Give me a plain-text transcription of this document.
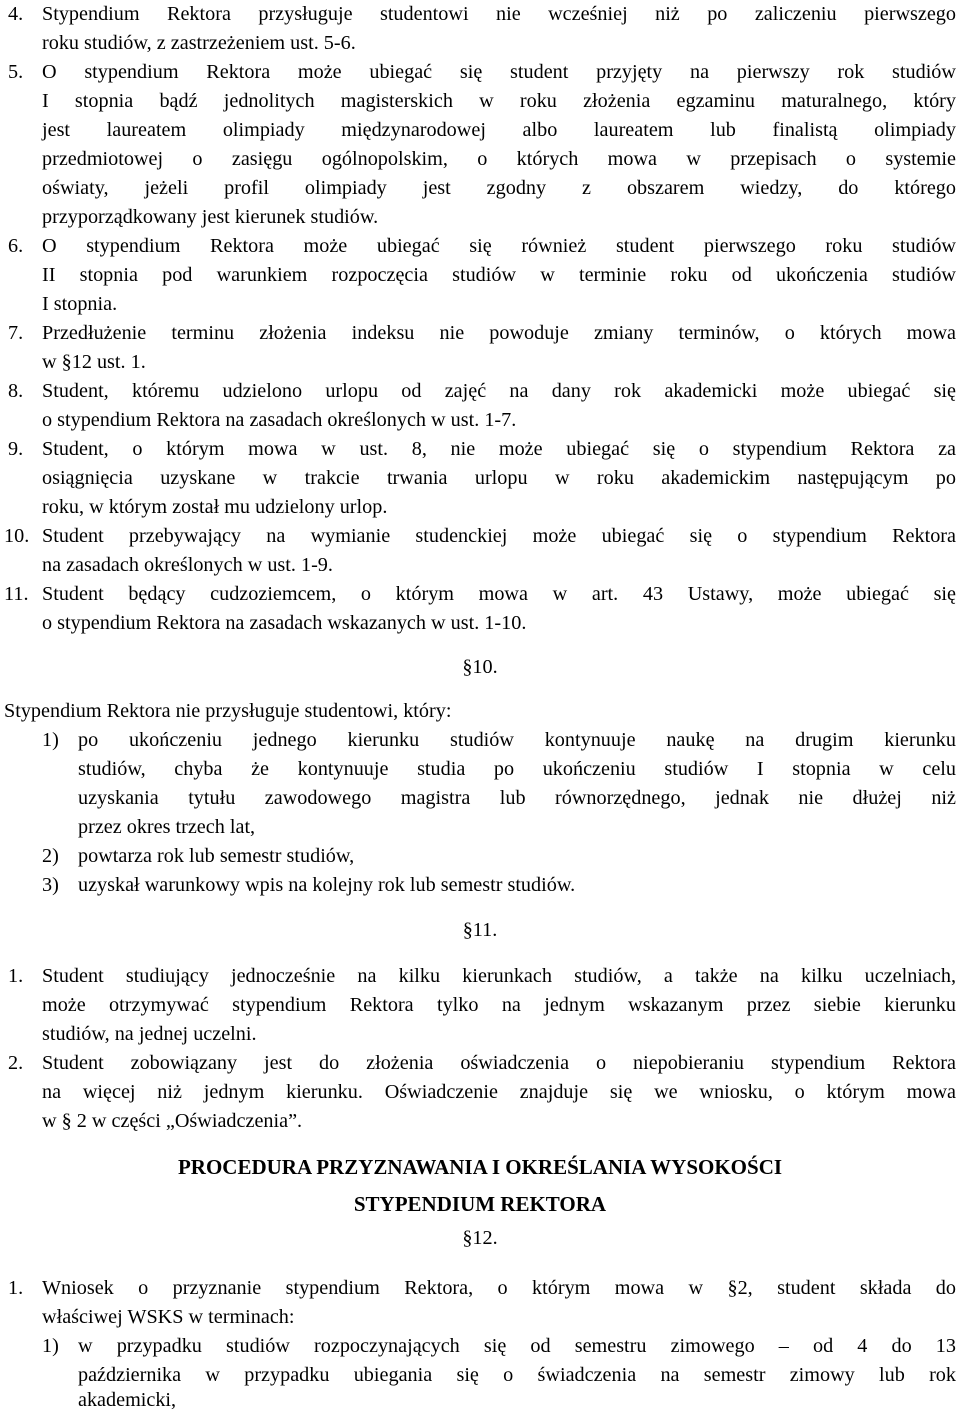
4. Stypendium Rektora przysługuje studentowi nie wcześniej niż po zaliczeniu pierwszego
roku studiów, z zastrzeżeniem ust. 5-6.
5. O stypendium Rektora może ubiegać się student przyjęty na pierwszy rok studiów
I stopnia bądź jednolitych magisterskich w roku złożenia egzaminu maturalnego, który
jest laureatem olimpiady międzynarodowej albo laureatem lub finalistą olimpiady
przedmiotowej o zasięgu ogólnopolskim, o których mowa w przepisach o systemie
oświaty, jeżeli profil olimpiady jest zgodny z obszarem wiedzy, do którego
przyporządkowany jest kierunek studiów.
6. O stypendium Rektora może ubiegać się również student pierwszego roku studiów
II stopnia pod warunkiem rozpoczęcia studiów w terminie roku od ukończenia studiów
I stopnia.
7. Przedłużenie terminu złożenia indeksu nie powoduje zmiany terminów, o których mowa
w §12 ust. 1.
8. Student, któremu udzielono urlopu od zajęć na dany rok akademicki może ubiegać się
o stypendium Rektora na zasadach określonych w ust. 1-7.
9. Student, o którym mowa w ust. 8, nie może ubiegać się o stypendium Rektora za
osiągnięcia uzyskane w trakcie trwania urlopu w roku akademickim następującym po
roku, w którym został mu udzielony urlop.
10. Student przebywający na wymianie studenckiej może ubiegać się o stypendium Rektora
na zasadach określonych w ust. 1-9.
11. Student będący cudzoziemcem, o którym mowa w art. 43 Ustawy, może ubiegać się
o stypendium Rektora na zasadach wskazanych w ust. 1-10.
§10.
Stypendium Rektora nie przysługuje studentowi, który:
1) po ukończeniu jednego kierunku studiów kontynuuje naukę na drugim kierunku
studiów, chyba że kontynuuje studia po ukończeniu studiów I stopnia w celu
uzyskania tytułu zawodowego magistra lub równorzędnego, jednak nie dłużej niż
przez okres trzech lat,
2) powtarza rok lub semestr studiów,
3) uzyskał warunkowy wpis na kolejny rok lub semestr studiów.
§11.
1. Student studiujący jednocześnie na kilku kierunkach studiów, a także na kilku uczelniach,
może otrzymywać stypendium Rektora tylko na jednym wskazanym przez siebie kierunku
studiów, na jednej uczelni.
2. Student zobowiązany jest do złożenia oświadczenia o niepobieraniu stypendium Rektora
na więcej niż jednym kierunku. Oświadczenie znajduje się we wniosku, o którym mowa
w § 2 w części „Oświadczenia”.
PROCEDURA PRZYZNAWANIA I OKREŚLANIA WYSOKOŚCI
STYPENDIUM REKTORA
§12.
1. Wniosek o przyznanie stypendium Rektora, o którym mowa w §2, student składa do
właściwej WSKS w terminach:
1) w przypadku studiów rozpoczynających się od semestru zimowego – od 4 do 13
października w przypadku ubiegania się o świadczenia na semestr zimowy lub rok
akademicki,
